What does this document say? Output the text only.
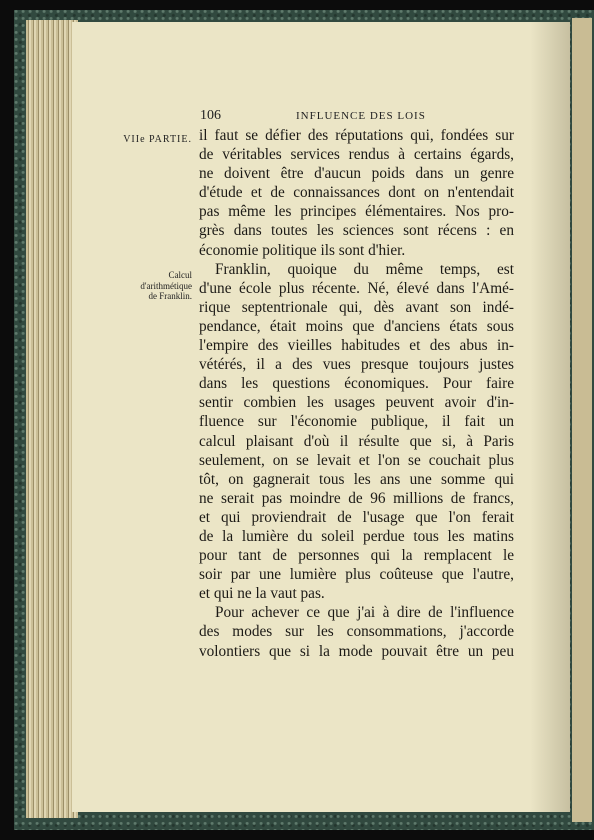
106	INFLUENCE DES LOIS
VIIe PARTIE.
Calcul
d'arithmétique
de Franklin.
il faut se défier des réputations qui, fondées sur
de véritables services rendus à certains égards,
ne doivent être d'aucun poids dans un genre
d'étude et de connaissances dont on n'entendait
pas même les principes élémentaires. Nos pro-
grès dans toutes les sciences sont récens : en
économie politique ils sont d'hier.
Franklin, quoique du même temps, est
d'une école plus récente. Né, élevé dans l'Amé-
rique septentrionale qui, dès avant son indé-
pendance, était moins que d'anciens états sous
l'empire des vieilles habitudes et des abus in-
vétérés, il a des vues presque toujours justes
dans les questions économiques. Pour faire
sentir combien les usages peuvent avoir d'in-
fluence sur l'économie publique, il fait un
calcul plaisant d'où il résulte que si, à Paris
seulement, on se levait et l'on se couchait plus
tôt, on gagnerait tous les ans une somme qui
ne serait pas moindre de 96 millions de francs,
et qui proviendrait de l'usage que l'on ferait
de la lumière du soleil perdue tous les matins
pour tant de personnes qui la remplacent le
soir par une lumière plus coûteuse que l'autre,
et qui ne la vaut pas.
Pour achever ce que j'ai à dire de l'influence
des modes sur les consommations, j'accorde
volontiers que si la mode pouvait être un peu
